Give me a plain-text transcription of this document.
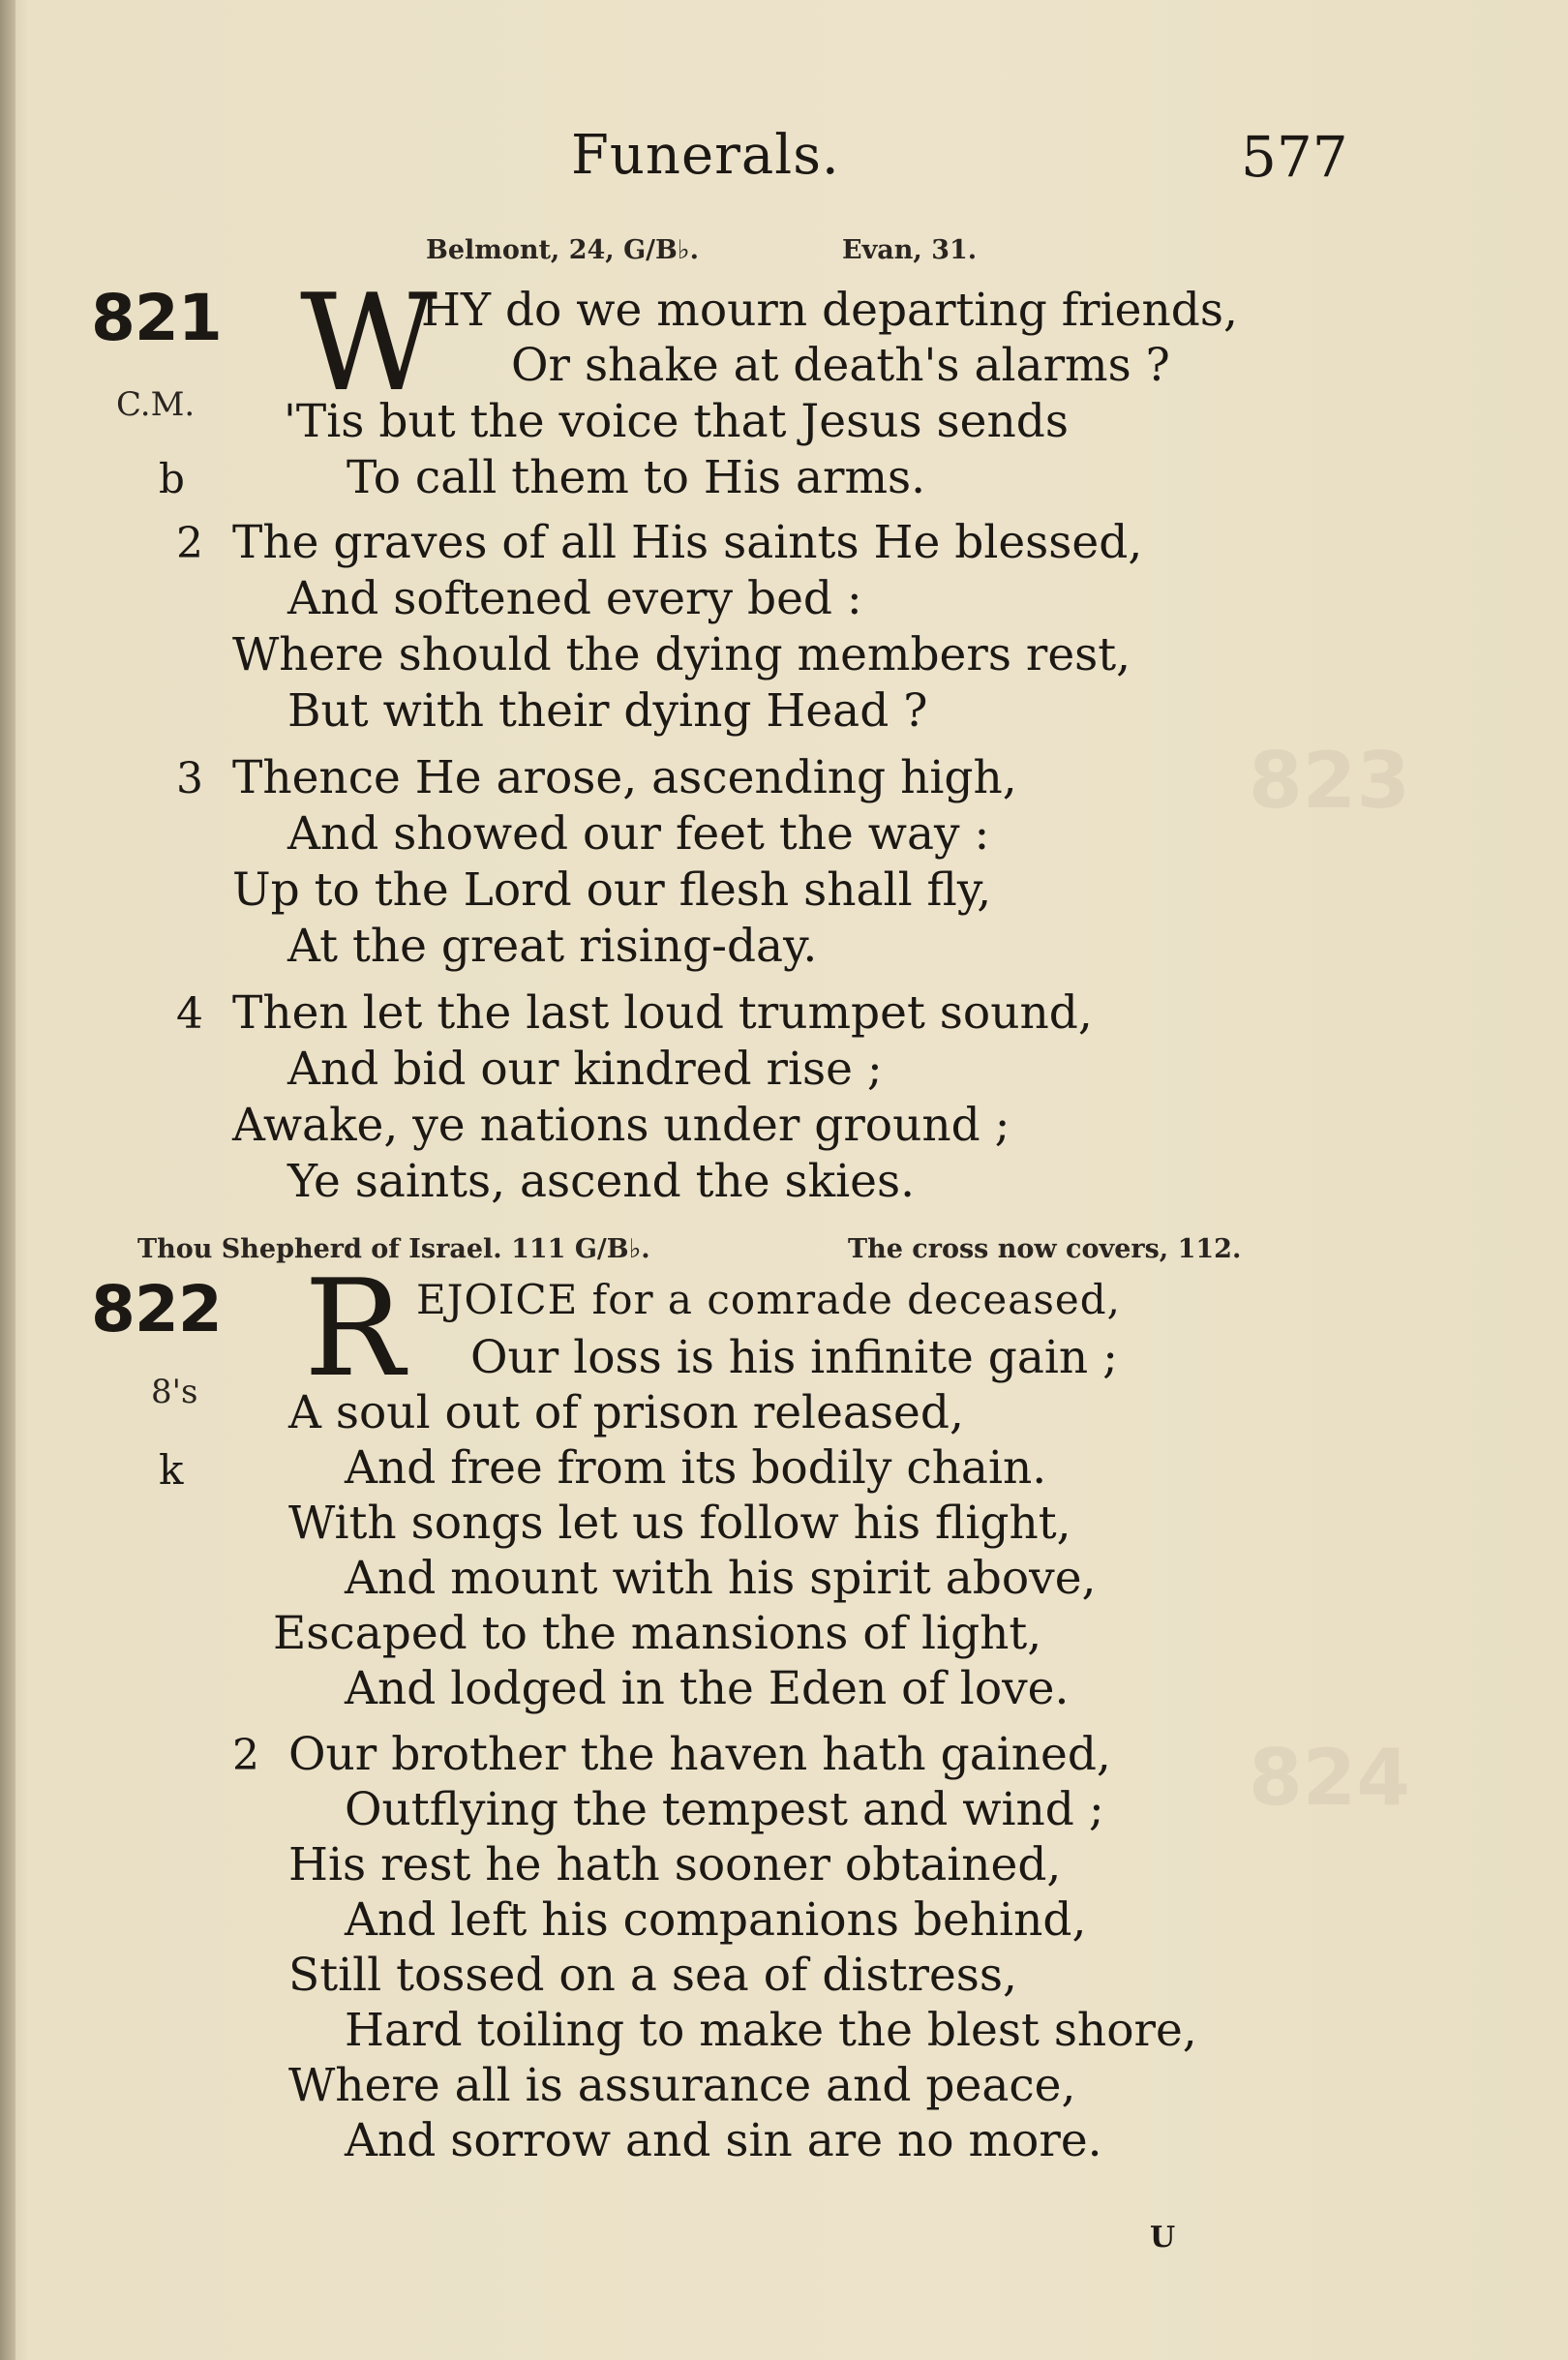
823
824
Funerals.	577
Belmont, 24, G/B♭.	Evan, 31.
821
C.M.
b
W
HY do we mourn departing friends,
Or shake at death's alarms ?
'Tis but the voice that Jesus sends
To call them to His arms.
2 The graves of all His saints He blessed,
And softened every bed :
Where should the dying members rest,
But with their dying Head ?
3 Thence He arose, ascending high,
And showed our feet the way :
Up to the Lord our flesh shall fly,
At the great rising-day.
4 Then let the last loud trumpet sound,
And bid our kindred rise ;
Awake, ye nations under ground ;
Ye saints, ascend the skies.
Thou Shepherd of Israel. 111 G/B♭.	The cross now covers, 112.
822
8's
k
R EJOICE for a comrade deceased,
Our loss is his infinite gain ;
A soul out of prison released,
And free from its bodily chain.
With songs let us follow his flight,
And mount with his spirit above,
Escaped to the mansions of light,
And lodged in the Eden of love.
2 Our brother the haven hath gained,
Outflying the tempest and wind ;
His rest he hath sooner obtained,
And left his companions behind,
Still tossed on a sea of distress,
Hard toiling to make the blest shore,
Where all is assurance and peace,
And sorrow and sin are no more.
U
